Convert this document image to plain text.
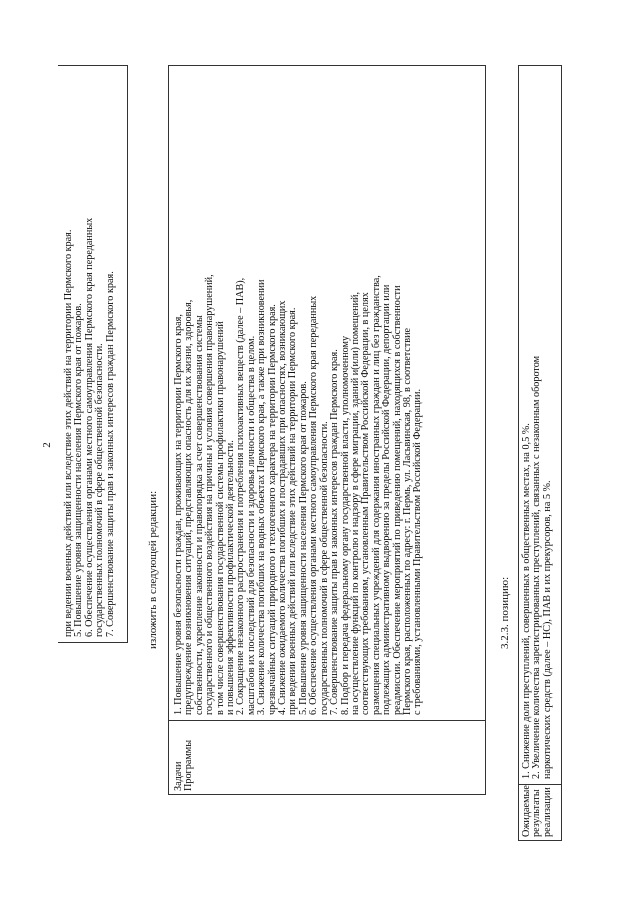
2 при ведении военных действий или вследствие этих действий на территории Пермского края. 5. Повышение уровня защищенности населения Пермского края от пожаров. 6. Обеспечение осуществления органами местного самоуправления Пермского края переданных государственных полномочий в сфере общественной безопасности. 7. Совершенствование защиты прав и законных интересов граждан Пермского края.	изложить в следующей редакции:
Задачи Программы
1. Повышение уровня безопасности граждан, проживающих на территории Пермского края, предупреждение возникновения ситуаций, представляющих опасность для их жизни, здоровья, собственности, укрепление законности и правопорядка за счет совершенствования системы государственного и общественного воздействия на причины и условия совершения правонарушений, в том числе совершенствования государственной системы профилактики правонарушений и повышения эффективности профилактической деятельности. 2. Сокращение незаконного распространения и потребления психоактивных веществ (далее – ПАВ), масштабов их последствий для безопасности и здоровья личности и общества в целом. 3. Снижение количества погибших на водных объектах Пермского края, а также при возникновении чрезвычайных ситуаций природного и техногенного характера на территории Пермского края. 4. Снижение ожидаемого количества погибших и пострадавших при опасностях, возникающих при ведении военных действий или вследствие этих действий на территории Пермского края. 5. Повышение уровня защищенности населения Пермского края от пожаров. 6. Обеспечение осуществления органами местного самоуправления Пермского края переданных государственных полномочий в сфере общественной безопасности. 7. Совершенствование защиты прав и законных интересов граждан Пермского края. 8. Подбор и передача федеральному органу государственной власти, уполномоченному на осуществление функций по контролю и надзору в сфере миграции, зданий и(или) помещений, соответствующих требованиям, установленным Правительством Российской Федерации, в целях размещения специальных учреждений для содержания иностранных граждан и лиц без гражданства, подлежащих административному выдворению за пределы Российской Федерации, депортации или реадмиссии. Обеспечение мероприятий по приведению помещений, находящихся в собственности Пермского края, расположенных по адресу: г. Пермь, ул. Ласьвинская, 98, в соответствие с требованиями, установленными Правительством Российской Федерации.	3.2.3. позицию:
Ожидаемые результаты реализации
1. Снижение доли преступлений, совершенных в общественных местах, на 0,5 %. 2. Увеличение количества зарегистрированных преступлений, связанных с незаконным оборотом наркотических средств (далее – НС), ПАВ и их прекурсоров, на 5 %.
